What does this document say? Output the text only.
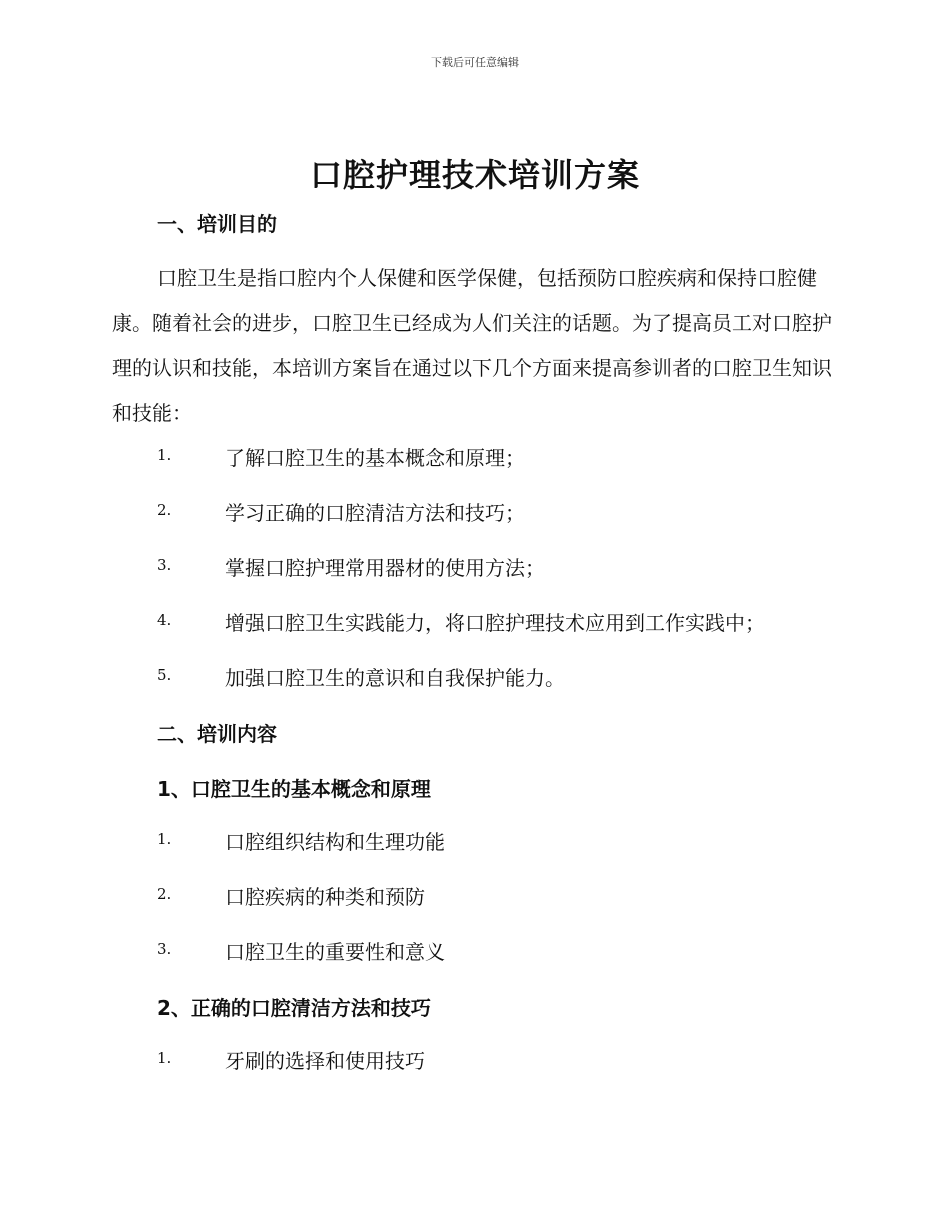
下载后可任意编辑
口腔护理技术培训方案
一、培训目的

口腔卫生是指口腔内个人保健和医学保健，包括预防口腔疾病和保持口腔健康。随着社会的进步，口腔卫生已经成为人们关注的话题。为了提高员工对口腔护理的认识和技能，本培训方案旨在通过以下几个方面来提高参训者的口腔卫生知识和技能：

1.	了解口腔卫生的基本概念和原理；
2.	学习正确的口腔清洁方法和技巧；
3.	掌握口腔护理常用器材的使用方法；
4.	增强口腔卫生实践能力，将口腔护理技术应用到工作实践中；
5.	加强口腔卫生的意识和自我保护能力。
二、培训内容
1、口腔卫生的基本概念和原理
1.	口腔组织结构和生理功能
2.	口腔疾病的种类和预防
3.	口腔卫生的重要性和意义
2、正确的口腔清洁方法和技巧
1.	牙刷的选择和使用技巧
